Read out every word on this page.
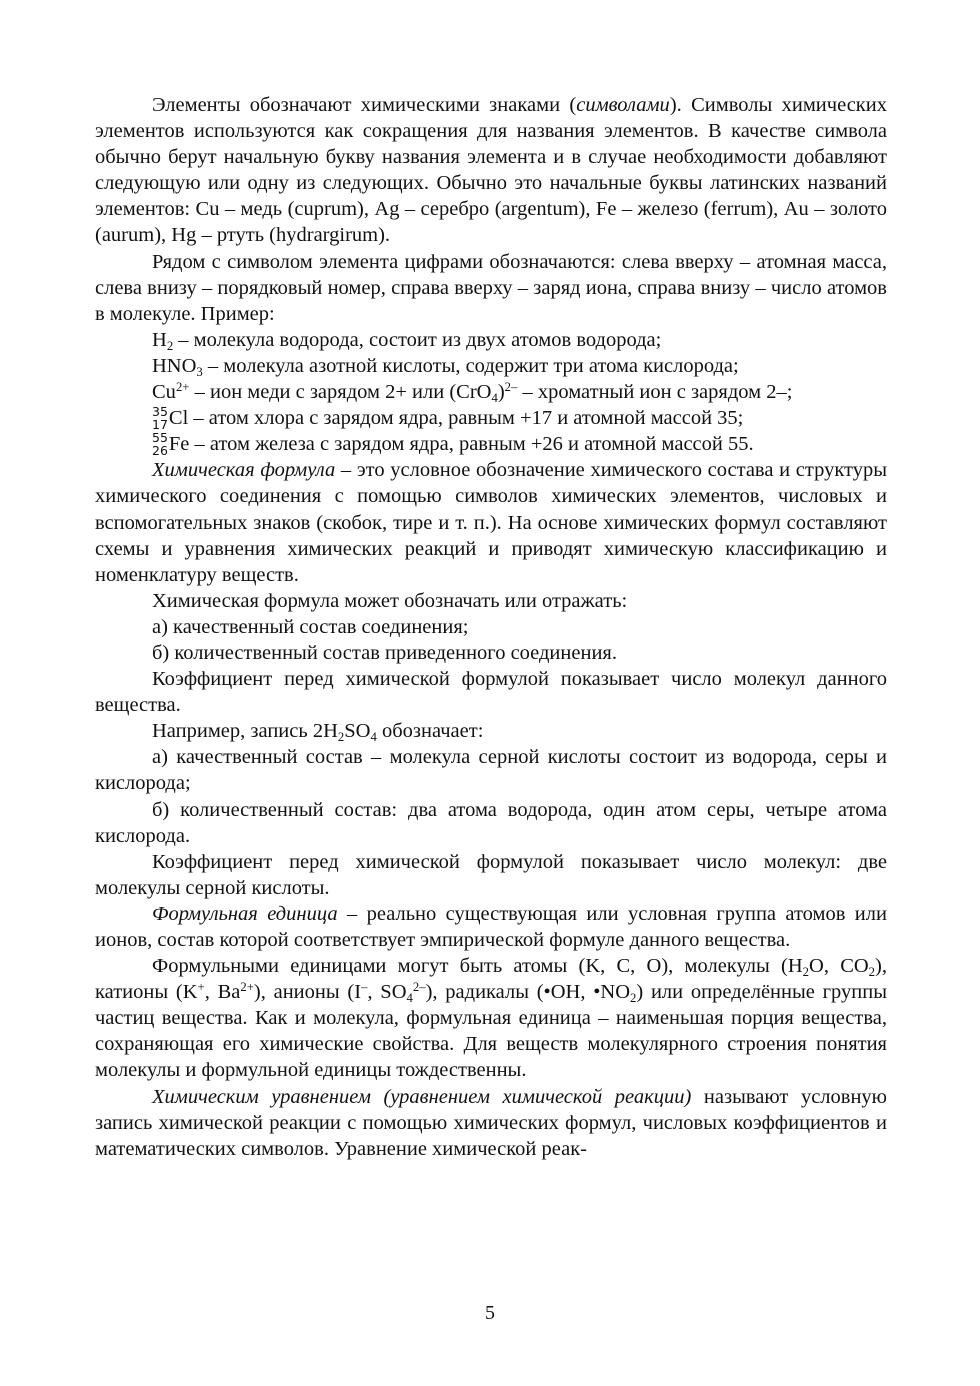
Элементы обозначают химическими знаками (символами). Символы химических элементов используются как сокращения для названия элементов. В качестве символа обычно берут начальную букву названия элемента и в случае необходимости добавляют следующую или одну из следующих. Обычно это начальные буквы латинских названий элементов: Cu – медь (cuprum), Ag – серебро (argentum), Fe – железо (ferrum), Au – золото (aurum), Hg – ртуть (hydrargirum).

Рядом с символом элемента цифрами обозначаются: слева вверху – атомная масса, слева внизу – порядковый номер, справа вверху – заряд иона, справа внизу – число атомов в молекуле. Пример:

$H_2$ – молекула водорода, состоит из двух атомов водорода;

$HNO_3$ – молекула азотной кислоты, содержит три атома кислорода;

$Cu^{2+}$ – ион меди с зарядом 2+ или $(CrO_4)^{2-}$ – хроматный ион с зарядом 2–;

35
17 Cl – атом хлора с зарядом ядра, равным +17 и атомной массой 35;

55
26 Fe – атом железа с зарядом ядра, равным +26 и атомной массой 55.

Химическая формула – это условное обозначение химического состава и структуры химического соединения с помощью символов химических элементов, числовых и вспомогательных знаков (скобок, тире и т. п.). На основе химических формул составляют схемы и уравнения химических реакций и приводят химическую классификацию и номенклатуру веществ.

Химическая формула может обозначать или отражать:

а) качественный состав соединения;

б) количественный состав приведенного соединения.

Коэффициент перед химической формулой показывает число молекул данного вещества.

Например, запись $2H_2SO_4$ обозначает:

а) качественный состав – молекула серной кислоты состоит из водорода, серы и кислорода;

б) количественный состав: два атома водорода, один атом серы, четыре атома кислорода.

Коэффициент перед химической формулой показывает число молекул: две молекулы серной кислоты.

Формульная единица – реально существующая или условная группа атомов или ионов, состав которой соответствует эмпирической формуле данного вещества.

Формульными единицами могут быть атомы (K, C, O), молекулы ($H_2O$, $CO_2$), катионы (K+, $Ba^{2+}$), анионы (I–, $SO_4^{2-}$), радикалы (•OH, $•NO_2$) или определённые группы частиц вещества. Как и молекула, формульная единица – наименьшая порция вещества, сохраняющая его химические свойства. Для веществ молекулярного строения понятия молекулы и формульной единицы тождественны.

Химическим уравнением (уравнением химической реакции) называют условную запись химической реакции с помощью химических формул, числовых коэффициентов и математических символов. Уравнение химической реак-

5
